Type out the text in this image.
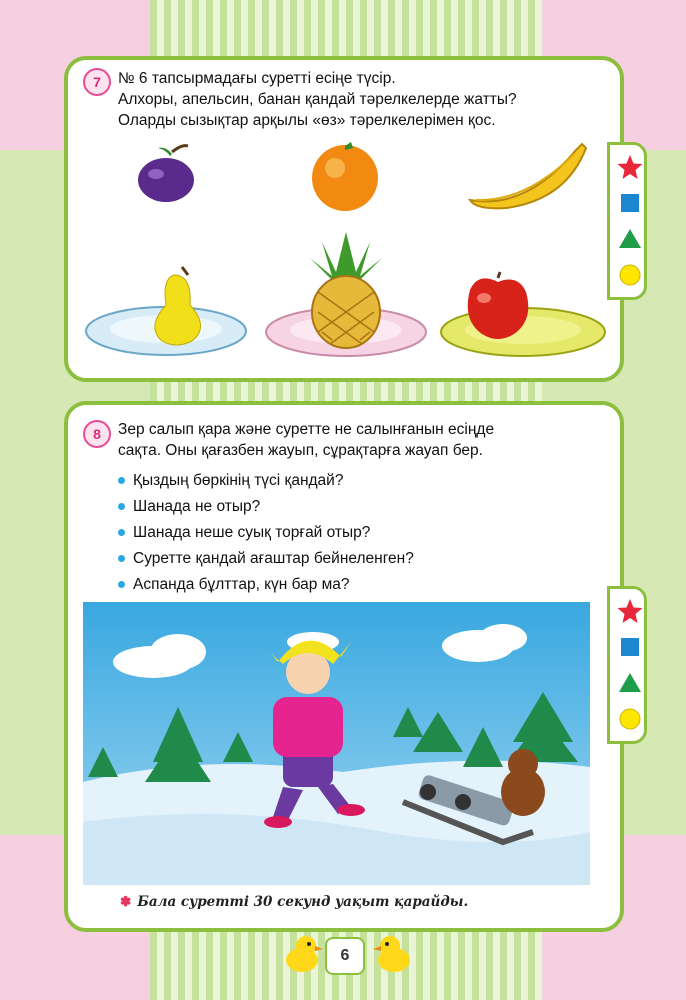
7	№ 6 тапсырмадағы суретті есіңе түсір.
Алхоры, апельсин, банан қандай тәрелкелерде жатты?
Оларды сызықтар арқылы «өз» тәрелкелерімен қос.
8	Зер салып қара және суретте не салынғанын есіңде
сақта. Оны қағазбен жауып, сұрақтарға жауап бер.
Қыздың бөркінің түсі қандай?
Шанада не отыр?
Шанада неше суық торғай отыр?
Суретте қандай ағаштар бейнеленген?
Аспанда бұлттар, күн бар ма?
✽ Бала суретті 30 секунд уақыт қарайды.
6
